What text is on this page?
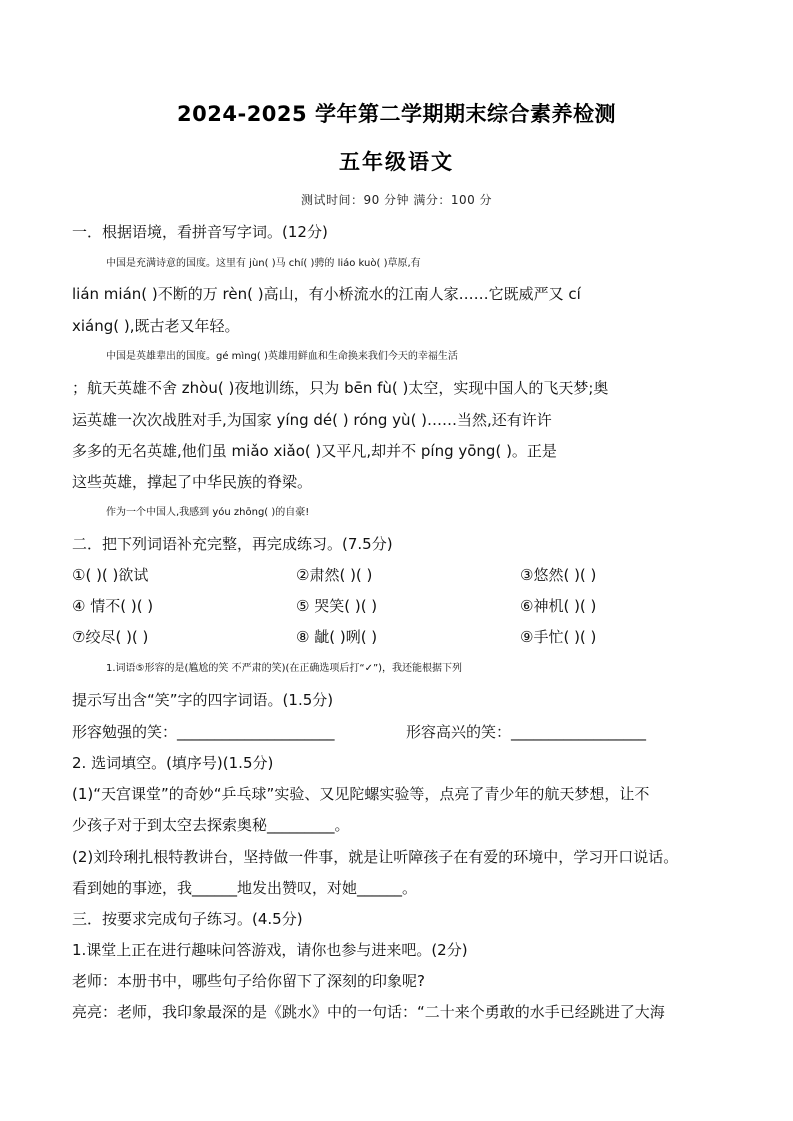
2024-2025 学年第二学期期末综合素养检测
五年级语文
测试时间：90 分钟 满分：100 分
一．根据语境，看拼音写字词。(12分)
中国是充满诗意的国度。这里有 jùn( )马 chí( )骋的 liáo kuò( )草原,有
lián mián( )不断的万 rèn( )高山，有小桥流水的江南人家……它既威严又 cí
xiáng( ),既古老又年轻。
中国是英雄辈出的国度。gé mìng( )英雄用鲜血和生命换来我们今天的幸福生活
；航天英雄不舍 zhòu( )夜地训练，只为 bēn fù( )太空，实现中国人的飞天梦;奥
运英雄一次次战胜对手,为国家 yíng dé( ) róng yù( )……当然,还有许许
多多的无名英雄,他们虽 miǎo xiǎo( )又平凡,却并不 píng yōng( )。正是
这些英雄，撑起了中华民族的脊梁。
作为一个中国人,我感到 yóu zhōng( )的自豪!
二．把下列词语补充完整，再完成练习。(7.5分)
①( )( )欲试	②肃然( )( )	③悠然( )( )
④ 情不( )( )	⑤ 哭笑( )( )	⑥神机( )( )
⑦绞尽( )( )	⑧ 龇( )咧( )	⑨手忙( )( )
1.词语⑤形容的是(尴尬的笑 不严肃的笑)(在正确选项后打“✓”)，我还能根据下列
提示写出含“笑”字的四字词语。(1.5分)
形容勉强的笑：_____________________	形容高兴的笑：__________________
2. 选词填空。(填序号)(1.5分)
(1)“天宫课堂”的奇妙“乒乓球”实验、又见陀螺实验等，点亮了青少年的航天梦想，让不
少孩子对于到太空去探索奥秘_________。
(2)刘玲琍扎根特教讲台，坚持做一件事，就是让听障孩子在有爱的环境中，学习开口说话。
看到她的事迹，我______地发出赞叹，对她______。
三．按要求完成句子练习。(4.5分)
1.课堂上正在进行趣味问答游戏，请你也参与进来吧。(2分)
老师：本册书中，哪些句子给你留下了深刻的印象呢?
亮亮：老师，我印象最深的是《跳水》中的一句话：“二十来个勇敢的水手已经跳进了大海
